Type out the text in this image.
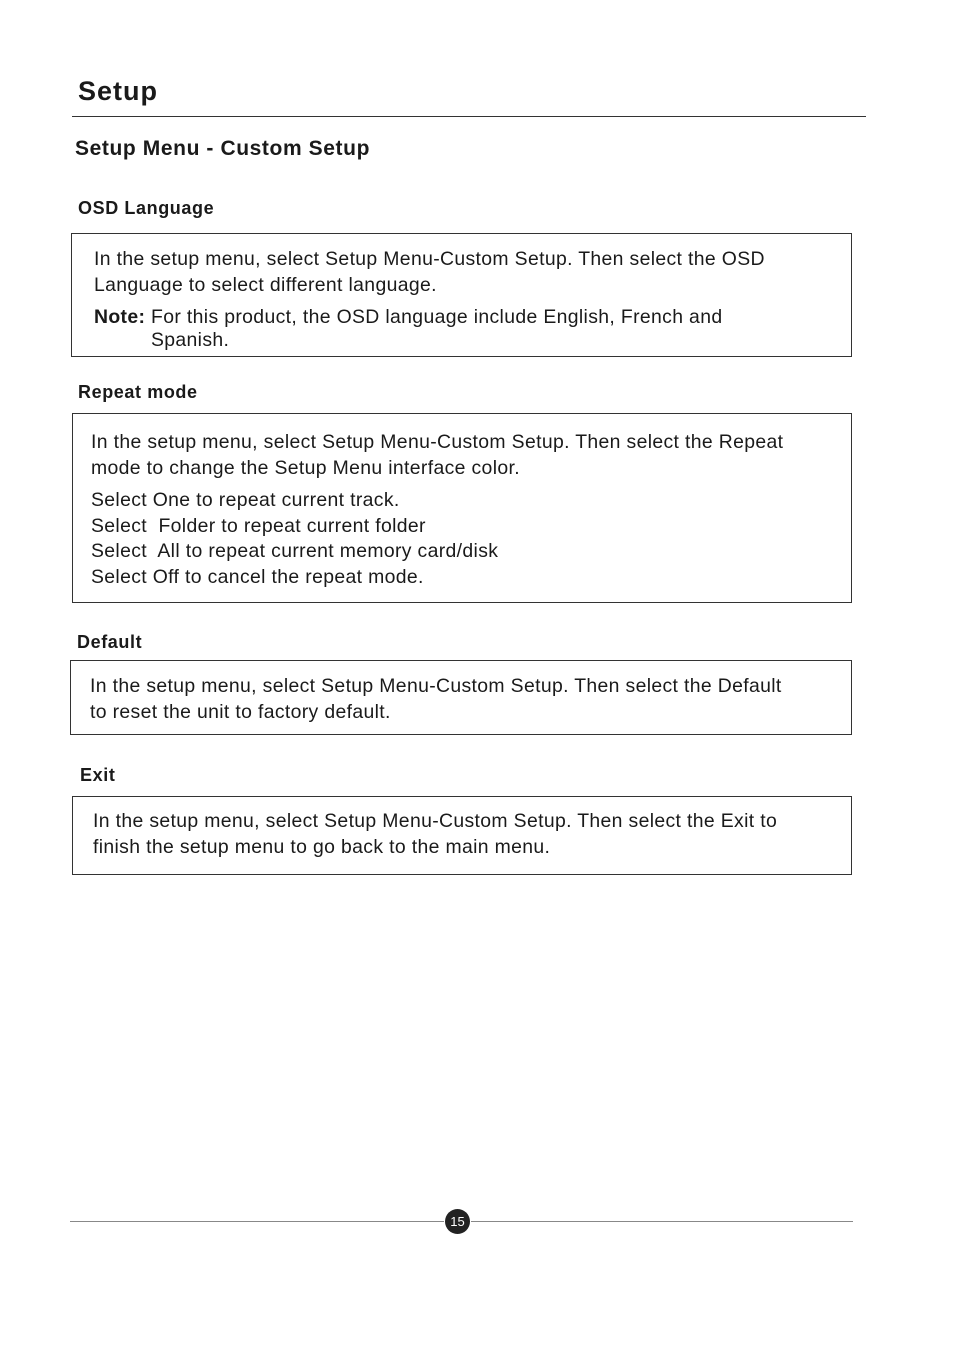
Setup
Setup Menu - Custom Setup
OSD Language

In the setup menu, select Setup Menu-Custom Setup. Then select the OSD
Language to select different language.

Note: For this product, the OSD language include English, French and
Spanish.
Repeat mode

In the setup menu, select Setup Menu-Custom Setup. Then select the Repeat
mode to change the Setup Menu interface color.

Select One to repeat current track.
Select  Folder to repeat current folder
Select  All to repeat current memory card/disk
Select Off to cancel the repeat mode.
Default

In the setup menu, select Setup Menu-Custom Setup. Then select the Default
to reset the unit to factory default.

Exit

In the setup menu, select Setup Menu-Custom Setup. Then select the Exit to
finish the setup menu to go back to the main menu.

15
